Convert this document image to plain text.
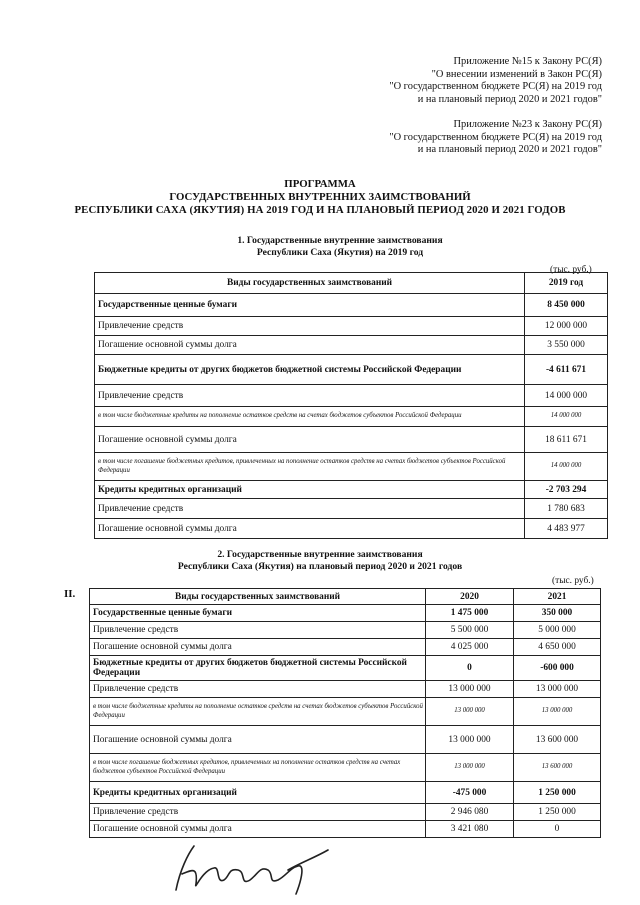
Приложение №15 к Закону РС(Я)
"О внесении изменений в Закон РС(Я)
"О государственном бюджете РС(Я) на 2019 год
и на плановый период 2020 и 2021 годов"
Приложение №23 к Закону РС(Я)
"О государственном бюджете РС(Я) на 2019 год
и на плановый период 2020 и 2021 годов"
ПРОГРАММА
ГОСУДАРСТВЕННЫХ ВНУТРЕННИХ ЗАИМСТВОВАНИЙ
РЕСПУБЛИКИ САХА (ЯКУТИЯ) НА 2019 ГОД И НА ПЛАНОВЫЙ ПЕРИОД 2020 И 2021 ГОДОВ
1. Государственные внутренние заимствования
Республики Саха (Якутия) на 2019 год
(тыс. руб.)
Виды государственных заимствований	2019 год
Государственные ценные бумаги	8 450 000
Привлечение средств	12 000 000
Погашение основной суммы долга	3 550 000
Бюджетные кредиты от других бюджетов бюджетной системы Российской Федерации	-4 611 671
Привлечение средств	14 000 000
в том числе бюджетные кредиты на пополнение остатков средств на счетах бюджетов субъектов Российской Федерации	14 000 000
Погашение основной суммы долга	18 611 671
в том числе погашение бюджетных кредитов, привлеченных на пополнение остатков средств на счетах бюджетов субъектов Российской Федерации	14 000 000
Кредиты кредитных организаций	-2 703 294
Привлечение средств	1 780 683
Погашение основной суммы долга	4 483 977
2. Государственные внутренние заимствования
Республики Саха (Якутия) на плановый период 2020 и 2021 годов
(тыс. руб.)
II.	Виды государственных заимствований	2020	2021
Государственные ценные бумаги	1 475 000	350 000
Привлечение средств	5 500 000	5 000 000
Погашение основной суммы долга	4 025 000	4 650 000
Бюджетные кредиты от других бюджетов бюджетной системы Российской Федерации	0	-600 000
Привлечение средств	13 000 000	13 000 000
в том числе бюджетные кредиты на пополнение остатков средств на счетах бюджетов субъектов Российской Федерации	13 000 000	13 000 000
Погашение основной суммы долга	13 000 000	13 600 000
в том числе погашение бюджетных кредитов, привлеченных на пополнение остатков средств на счетах бюджетов субъектов Российской Федерации	13 000 000	13 600 000
Кредиты кредитных организаций	-475 000	1 250 000
Привлечение средств	2 946 080	1 250 000
Погашение основной суммы долга	3 421 080	0
